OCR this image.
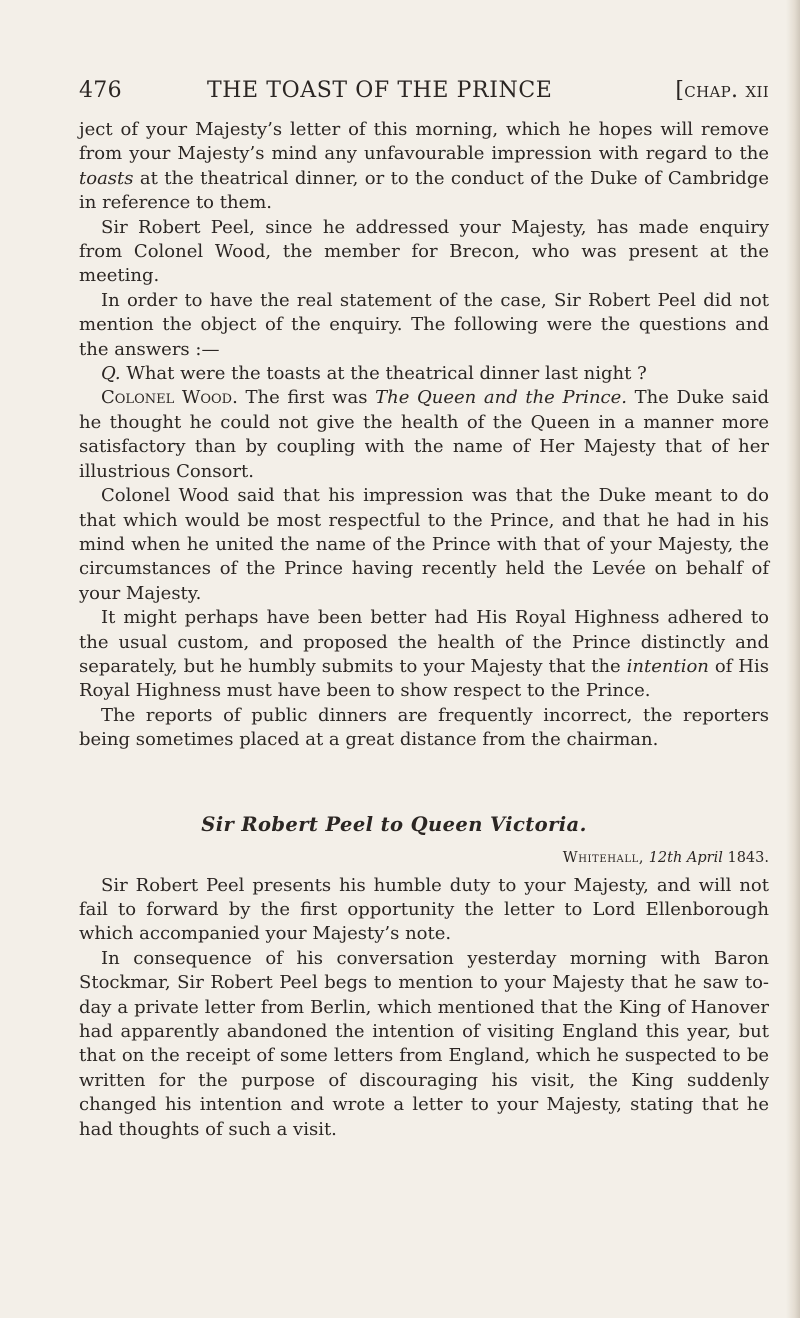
476	THE TOAST OF THE PRINCE	[chap. xii

ject of your Majesty’s letter of this morning, which he hopes will remove from your Majesty’s mind any unfavourable impression with regard to the toasts at the theatrical dinner, or to the conduct of the Duke of Cambridge in reference to them.

Sir Robert Peel, since he addressed your Majesty, has made enquiry from Colonel Wood, the member for Brecon, who was present at the meeting.

In order to have the real statement of the case, Sir Robert Peel did not mention the object of the enquiry. The following were the questions and the answers :—

Q. What were the toasts at the theatrical dinner last night ?

Colonel Wood. The first was The Queen and the Prince. The Duke said he thought he could not give the health of the Queen in a manner more satisfactory than by coupling with the name of Her Majesty that of her illustrious Consort.

Colonel Wood said that his impression was that the Duke meant to do that which would be most respectful to the Prince, and that he had in his mind when he united the name of the Prince with that of your Majesty, the circumstances of the Prince having recently held the Levée on behalf of your Majesty.

It might perhaps have been better had His Royal Highness adhered to the usual custom, and proposed the health of the Prince distinctly and separately, but he humbly submits to your Majesty that the intention of His Royal Highness must have been to show respect to the Prince.

The reports of public dinners are frequently incorrect, the reporters being sometimes placed at a great distance from the chairman.

Sir Robert Peel to Queen Victoria.
Whitehall, 12th April 1843.

Sir Robert Peel presents his humble duty to your Majesty, and will not fail to forward by the first opportunity the letter to Lord Ellenborough which accompanied your Majesty’s note.

In consequence of his conversation yesterday morning with Baron Stockmar, Sir Robert Peel begs to mention to your Majesty that he saw to-day a private letter from Berlin, which mentioned that the King of Hanover had apparently abandoned the intention of visiting England this year, but that on the receipt of some letters from England, which he suspected to be written for the purpose of discouraging his visit, the King suddenly changed his intention and wrote a letter to your Majesty, stating that he had thoughts of such a visit.
